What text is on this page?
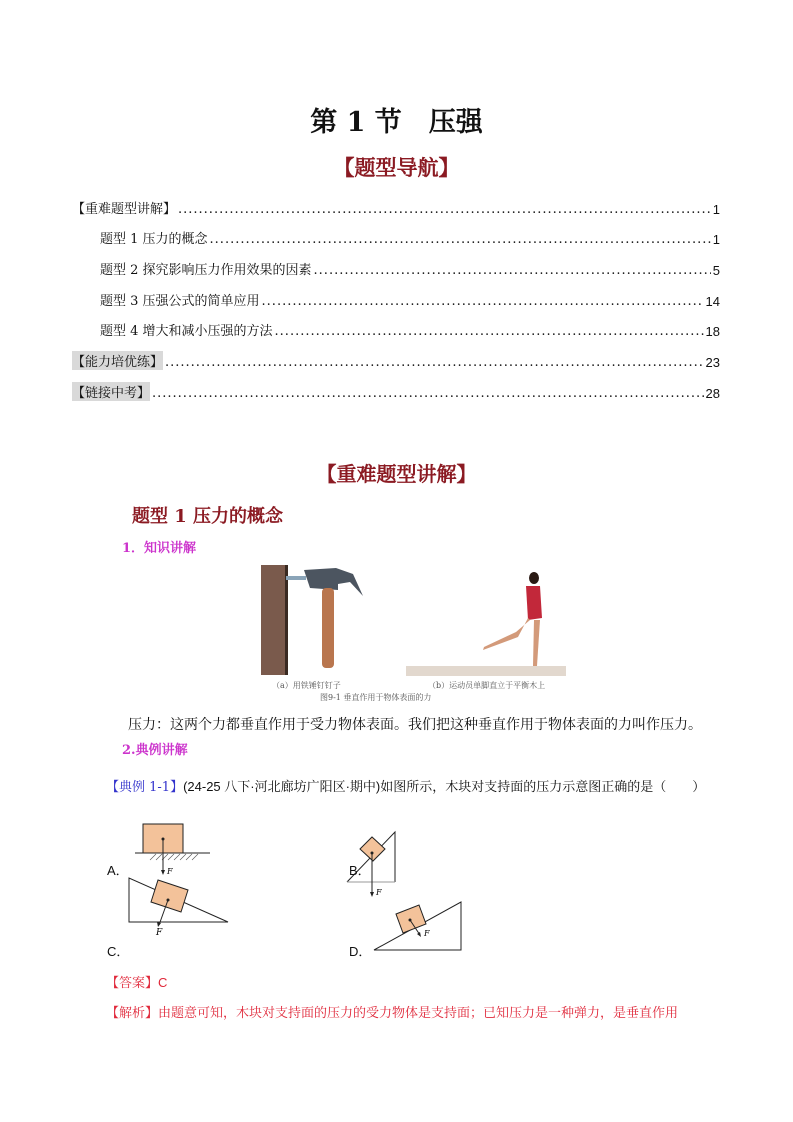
第 1 节　压强
【题型导航】
【重难题型讲解】 .....	1
题型 1 压力的概念 .....	1
题型 2 探究影响压力作用效果的因素 .....	5
题型 3 压强公式的简单应用 .....	14
题型 4 增大和减小压强的方法 .....	18
【能力培优练】 .....	23
【链接中考】 .....	28
【重难题型讲解】
题型 1 压力的概念
1．知识讲解
（a）用铁锤钉钉子	（b）运动员单脚直立于平衡木上
图9-1 垂直作用于物体表面的力
压力：这两个力都垂直作用于受力物体表面。我们把这种垂直作用于物体表面的力叫作压力。
2.典例讲解
【典例 1-1】(24-25 八下·河北廊坊广阳区·期中)如图所示，木块对支持面的压力示意图正确的是（　　）
F
F
F	F
A．	B．
C．	D．
【答案】C
【解析】由题意可知，木块对支持面的压力的受力物体是支持面；已知压力是一种弹力，是垂直作用
